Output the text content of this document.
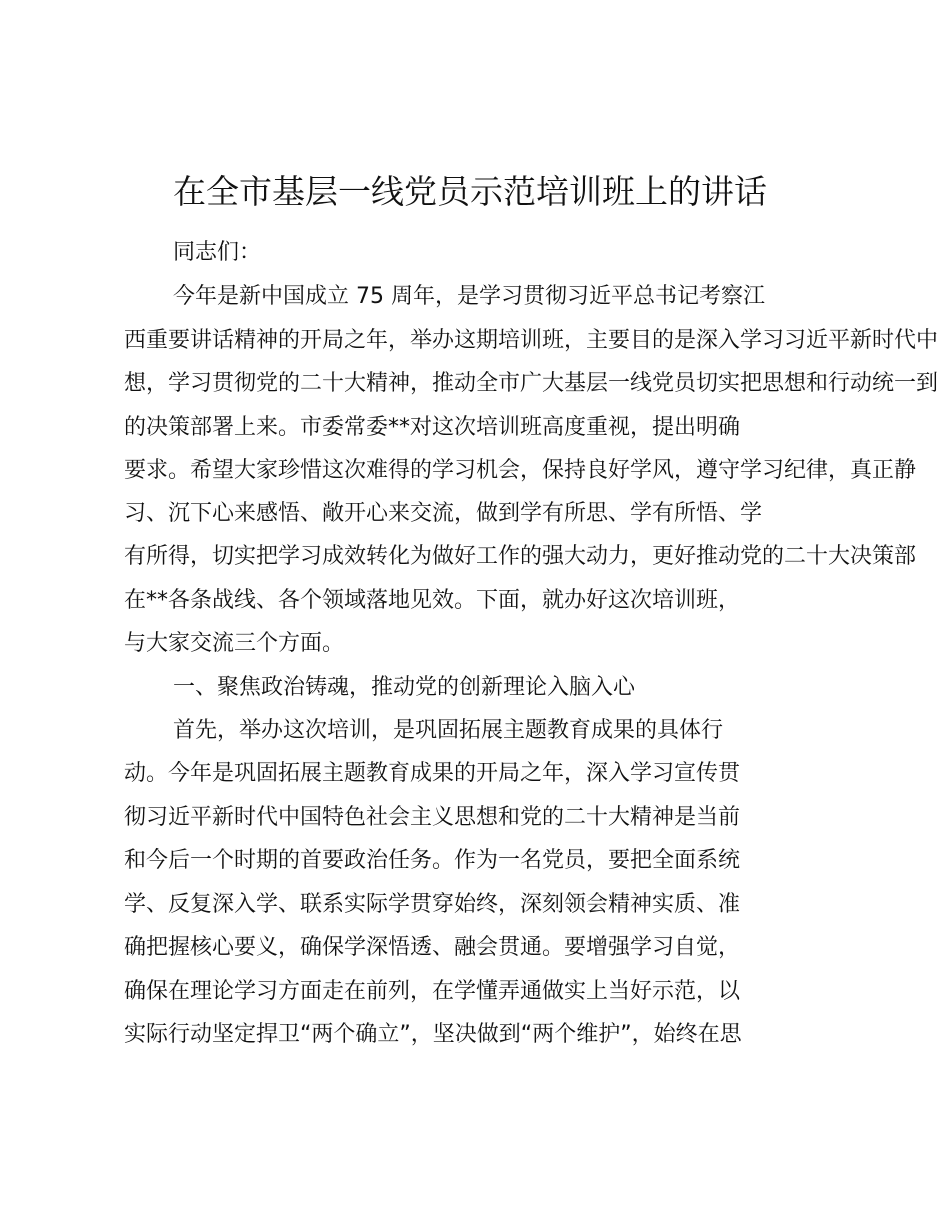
在全市基层一线党员示范培训班上的讲话
同志们：
今年是新中国成立 75 周年，是学习贯彻习近平总书记考察江
西重要讲话精神的开局之年，举办这期培训班，主要目的是深入学习习近平新时代中
想，学习贯彻党的二十大精神，推动全市广大基层一线党员切实把思想和行动统一到
的决策部署上来。市委常委**对这次培训班高度重视，提出明确
要求。希望大家珍惜这次难得的学习机会，保持良好学风，遵守学习纪律，真正静
习、沉下心来感悟、敞开心来交流，做到学有所思、学有所悟、学
有所得，切实把学习成效转化为做好工作的强大动力，更好推动党的二十大决策部
在**各条战线、各个领域落地见效。下面，就办好这次培训班，
与大家交流三个方面。
一、聚焦政治铸魂，推动党的创新理论入脑入心
首先，举办这次培训，是巩固拓展主题教育成果的具体行
动。今年是巩固拓展主题教育成果的开局之年，深入学习宣传贯
彻习近平新时代中国特色社会主义思想和党的二十大精神是当前
和今后一个时期的首要政治任务。作为一名党员，要把全面系统
学、反复深入学、联系实际学贯穿始终，深刻领会精神实质、准
确把握核心要义，确保学深悟透、融会贯通。要增强学习自觉，
确保在理论学习方面走在前列，在学懂弄通做实上当好示范，以
实际行动坚定捍卫“两个确立”，坚决做到“两个维护”，始终在思
